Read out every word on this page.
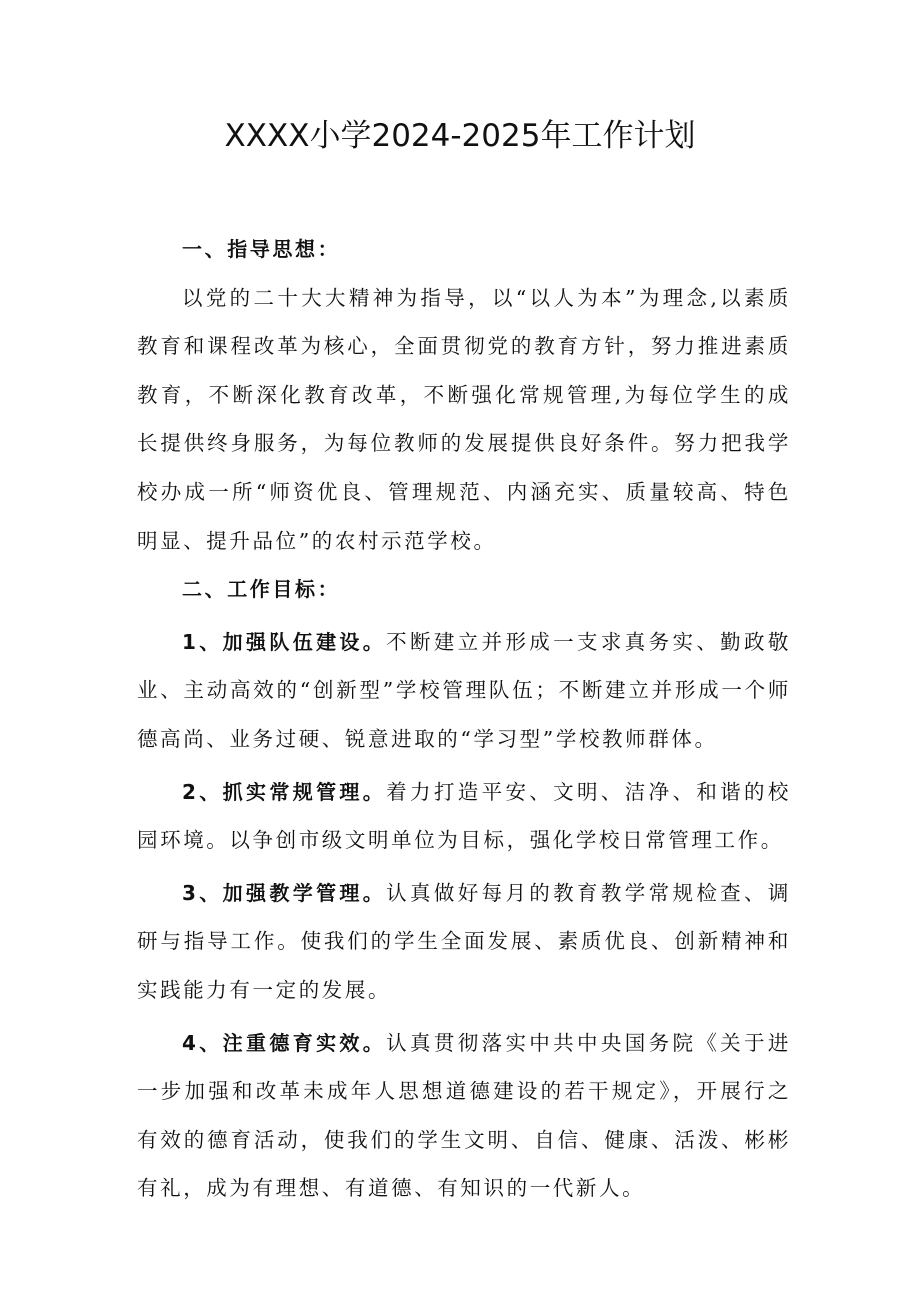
XXXX小学2024-2025年工作计划

一、指导思想：

以党的二十大大精神为指导，以“以人为本”为理念,以素质教育和课程改革为核心，全面贯彻党的教育方针，努力推进素质教育，不断深化教育改革，不断强化常规管理,为每位学生的成长提供终身服务，为每位教师的发展提供良好条件。努力把我学校办成一所“师资优良、管理规范、内涵充实、质量较高、特色明显、提升品位”的农村示范学校。

二、工作目标：

1、加强队伍建设。不断建立并形成一支求真务实、勤政敬业、主动高效的“创新型”学校管理队伍；不断建立并形成一个师德高尚、业务过硬、锐意进取的“学习型”学校教师群体。

2、抓实常规管理。着力打造平安、文明、洁净、和谐的校园环境。以争创市级文明单位为目标，强化学校日常管理工作。

3、加强教学管理。认真做好每月的教育教学常规检查、调研与指导工作。使我们的学生全面发展、素质优良、创新精神和实践能力有一定的发展。

4、注重德育实效。认真贯彻落实中共中央国务院《关于进一步加强和改革未成年人思想道德建设的若干规定》，开展行之有效的德育活动，使我们的学生文明、自信、健康、活泼、彬彬有礼，成为有理想、有道德、有知识的一代新人。
